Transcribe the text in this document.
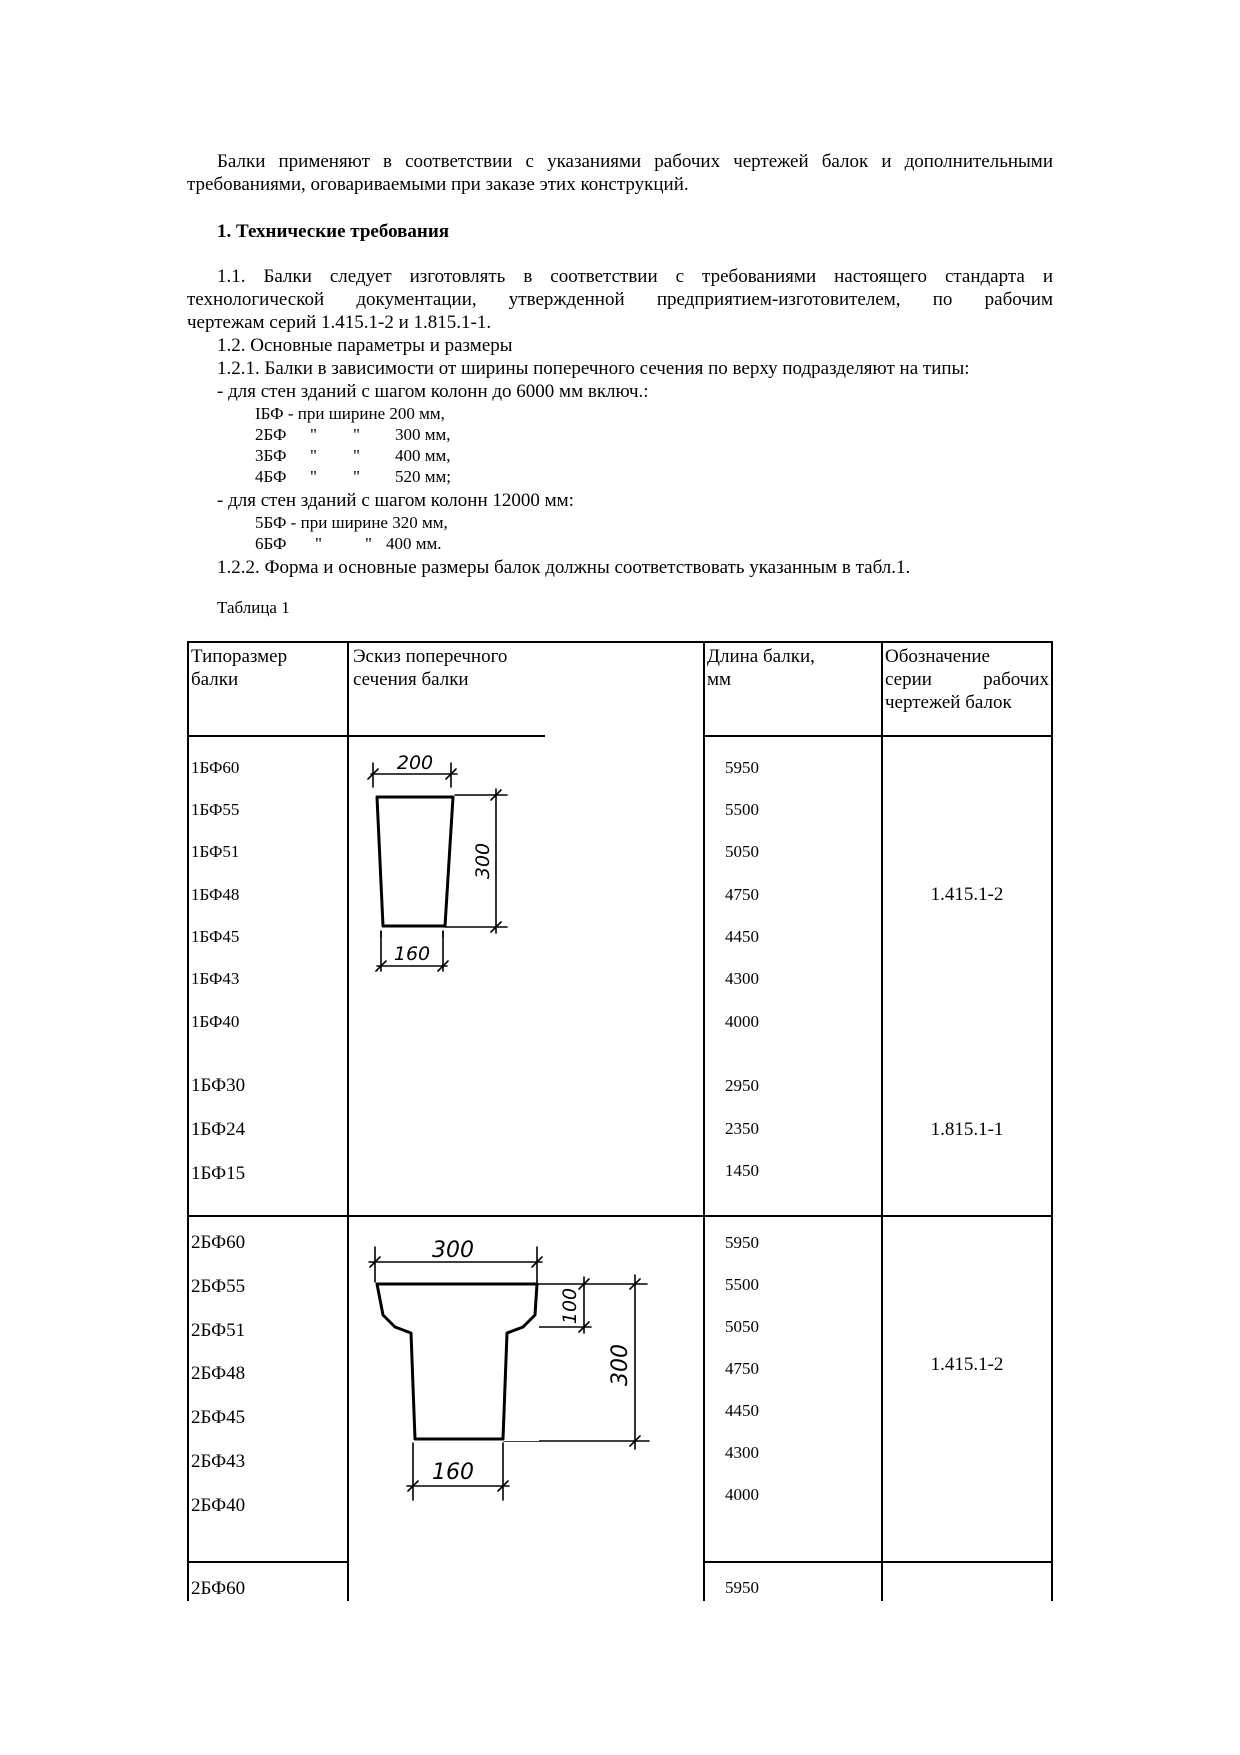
Балки применяют в соответствии с указаниями рабочих чертежей балок и дополнительными

требованиями, оговариваемыми при заказе этих конструкций.

1. Технические требования

1.1. Балки следует изготовлять в соответствии с требованиями настоящего стандарта и

технологической документации, утвержденной предприятием-изготовителем, по рабочим

чертежам серий 1.415.1-2 и 1.815.1-1.

1.2. Основные параметры и размеры

1.2.1. Балки в зависимости от ширины поперечного сечения по верху подразделяют на типы:

- для стен зданий с шагом колонн до 6000 мм включ.:

IБФ - при ширине 200 мм,
2БФ " " 300 мм,
3БФ " " 400 мм,
4БФ " " 520 мм;

- для стен зданий с шагом колонн 12000 мм:

5БФ - при ширине 320 мм,
6БФ "	" 400 мм.

1.2.2. Форма и основные размеры балок должны соответствовать указанным в табл.1.

Таблица 1

Типоразмер
балки
Эскиз поперечного
сечения балки
Длина балки,
мм
Обозначение
серии рабочих
чертежей балок
1БФ60
1БФ55
1БФ51
1БФ48
1БФ45
1БФ43
1БФ40
5950
5500
5050
4750
4450
4300
4000
1.415.1-2
1БФ30
1БФ24
1БФ15
2950
2350
1450
1.815.1-1
200
300
160
2БФ60
2БФ55
2БФ51
2БФ48
2БФ45
2БФ43
2БФ40
5950
5500
5050
4750
4450
4300
4000
1.415.1-2
300
100
300
160
2БФ60	5950
